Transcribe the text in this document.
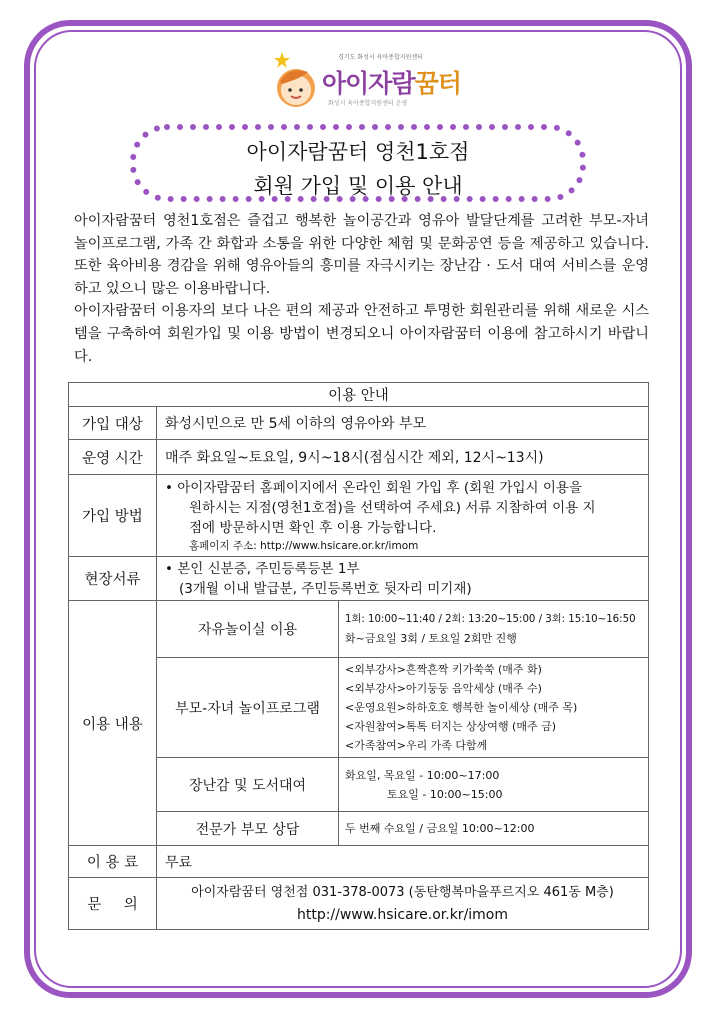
경기도 화성시 육아종합지원센터
아이자람꿈터
화성시 육아종합지원센터 운영
아이자람꿈터 영천1호점
회원 가입 및 이용 안내

아이자람꿈터 영천1호점은 즐겁고 행복한 놀이공간과 영유아 발달단계를 고려한 부모-자녀 놀이프로그램, 가족 간 화합과 소통을 위한 다양한 체험 및 문화공연 등을 제공하고 있습니다. 또한 육아비용 경감을 위해 영유아들의 흥미를 자극시키는 장난감 · 도서 대여 서비스를 운영 하고 있으니 많은 이용바랍니다.

아이자람꿈터 이용자의 보다 나은 편의 제공과 안전하고 투명한 회원관리를 위해 새로운 시스템을 구축하여 회원가입 및 이용 방법이 변경되오니 아이자람꿈터 이용에 참고하시기 바랍니다.

이용 안내		
가입 대상	화성시민으로 만 5세 이하의 영유아와 부모	
운영 시간	매주 화요일~토요일, 9시~18시(점심시간 제외, 12시~13시)	
가입 방법	• 아이자람꿈터 홈페이지에서 온라인 회원 가입 후 (회원 가입시 이용을
원하시는 지점(영천1호점)을 선택하여 주세요) 서류 지참하여 이용 지
점에 방문하시면 확인 후 이용 가능합니다.
홈페이지 주소: http://www.hsicare.or.kr/imom	

현장서류	• 본인 신분증, 주민등록등본 1부
(3개월 이내 발급분, 주민등록번호 뒷자리 미기재)	

이용 내용	자유놀이실 이용	1회: 10:00~11:40 / 2회: 13:20~15:00 / 3회: 15:10~16:50
화~금요일 3회 / 토요일 2회만 진행

	부모-자녀 놀이프로그램	<외부강사>흔짝흔짝 키가쑥쑥 (매주 화)
<외부강사>아기둥둥 음악세상 (매주 수)
<운영요원>하하호호 행복한 놀이세상 (매주 목)
<자원참여>톡톡 터지는 상상여행 (매주 금)
<가족참여>우리 가족 다함께

	장난감 및 도서대여	화요일, 목요일 - 10:00~17:00
토요일 - 10:00~15:00

	전문가 부모 상담	두 번째 수요일 / 금요일 10:00~12:00
이 용 료	무료	
문 의	아이자람꿈터 영천점 031-378-0073 (동탄행복마을푸르지오 461동 M층)
http://www.hsicare.or.kr/imom	
